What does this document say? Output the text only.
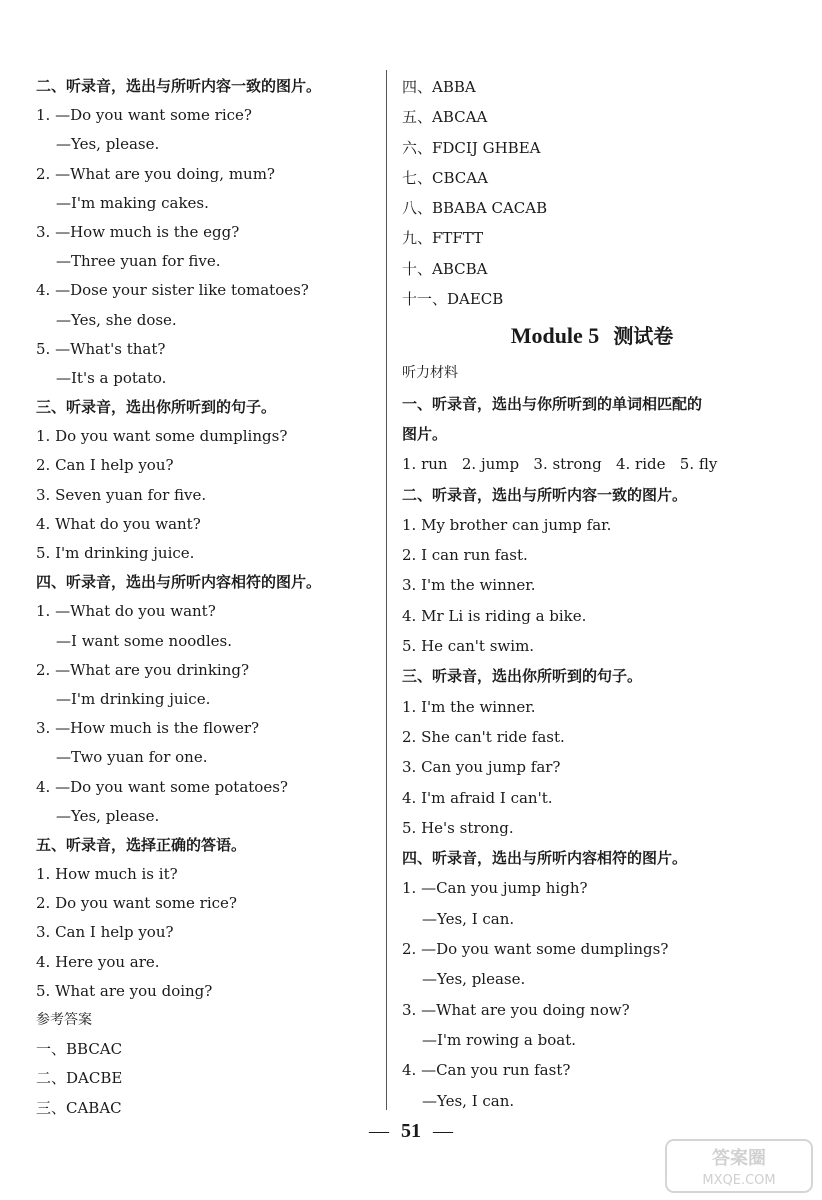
二、听录音，选出与所听内容一致的图片。
1. —Do you want some rice?
—Yes, please.
2. —What are you doing, mum?
—I'm making cakes.
3. —How much is the egg?
—Three yuan for five.
4. —Dose your sister like tomatoes?
—Yes, she dose.
5. —What's that?
—It's a potato.
三、听录音，选出你所听到的句子。
1. Do you want some dumplings?
2. Can I help you?
3. Seven yuan for five.
4. What do you want?
5. I'm drinking juice.
四、听录音，选出与所听内容相符的图片。
1. —What do you want?
—I want some noodles.
2. —What are you drinking?
—I'm drinking juice.
3. —How much is the flower?
—Two yuan for one.
4. —Do you want some potatoes?
—Yes, please.
五、听录音，选择正确的答语。
1. How much is it?
2. Do you want some rice?
3. Can I help you?
4. Here you are.
5. What are you doing?
参考答案
一、BBCAC
二、DACBE
三、CABAC
四、ABBA
五、ABCAA
六、FDCIJ GHBEA
七、CBCAA
八、BBABA CACAB
九、FTFTT
十、ABCBA
十一、DAECB
Module 5 测试卷
听力材料
一、听录音，选出与你所听到的单词相匹配的
图片。
1. run   2. jump   3. strong   4. ride   5. fly
二、听录音，选出与所听内容一致的图片。
1. My brother can jump far.
2. I can run fast.
3. I'm the winner.
4. Mr Li is riding a bike.
5. He can't swim.
三、听录音，选出你所听到的句子。
1. I'm the winner.
2. She can't ride fast.
3. Can you jump far?
4. I'm afraid I can't.
5. He's strong.
四、听录音，选出与所听内容相符的图片。
1. —Can you jump high?
—Yes, I can.
2. —Do you want some dumplings?
—Yes, please.
3. —What are you doing now?
—I'm rowing a boat.
4. —Can you run fast?
—Yes, I can.
— 51 —
答案圈
MXQE.COM
